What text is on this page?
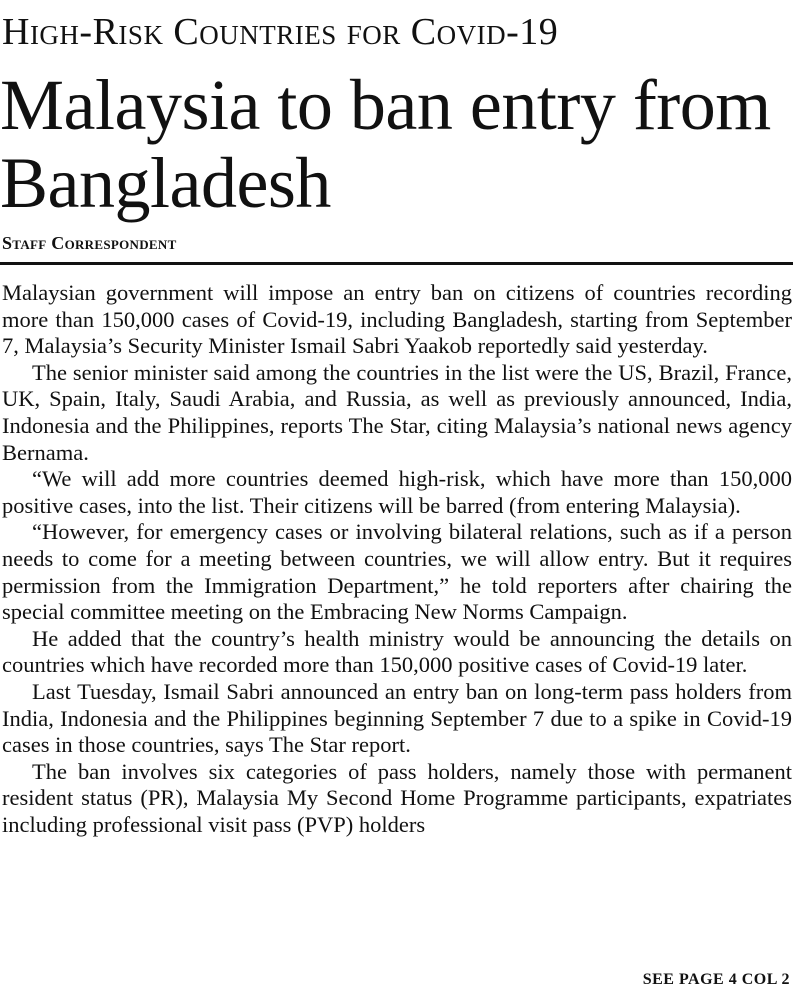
High-Risk Countries for Covid-19
Malaysia to ban entry from Bangladesh
Staff Correspondent

Malaysian government will impose an entry ban on citizens of countries recording more than 150,000 cases of Covid-19, including Bangladesh, starting from September 7, Malaysia’s Security Minister Ismail Sabri Yaakob reportedly said yesterday.

The senior minister said among the countries in the list were the US, Brazil, France, UK, Spain, Italy, Saudi Arabia, and Russia, as well as previously announced, India, Indonesia and the Philippines, reports The Star, citing Malaysia’s national news agency Bernama.

“We will add more countries deemed high-risk, which have more than 150,000 positive cases, into the list. Their citizens will be barred (from entering Malaysia).

“However, for emergency cases or involving bilateral relations, such as if a person needs to come for a meeting between countries, we will allow entry. But it requires permission from the Immigration Department,” he told reporters after chairing the special committee meeting on the Embracing New Norms Campaign.

He added that the country’s health ministry would be announcing the details on countries which have recorded more than 150,000 positive cases of Covid-19 later.

Last Tuesday, Ismail Sabri announced an entry ban on long-term pass holders from India, Indonesia and the Philippines beginning September 7 due to a spike in Covid-19 cases in those countries, says The Star report.

The ban involves six categories of pass holders, namely those with permanent resident status (PR), Malaysia My Second Home Programme participants, expatriates including professional visit pass (PVP) holders

SEE PAGE 4 COL 2
